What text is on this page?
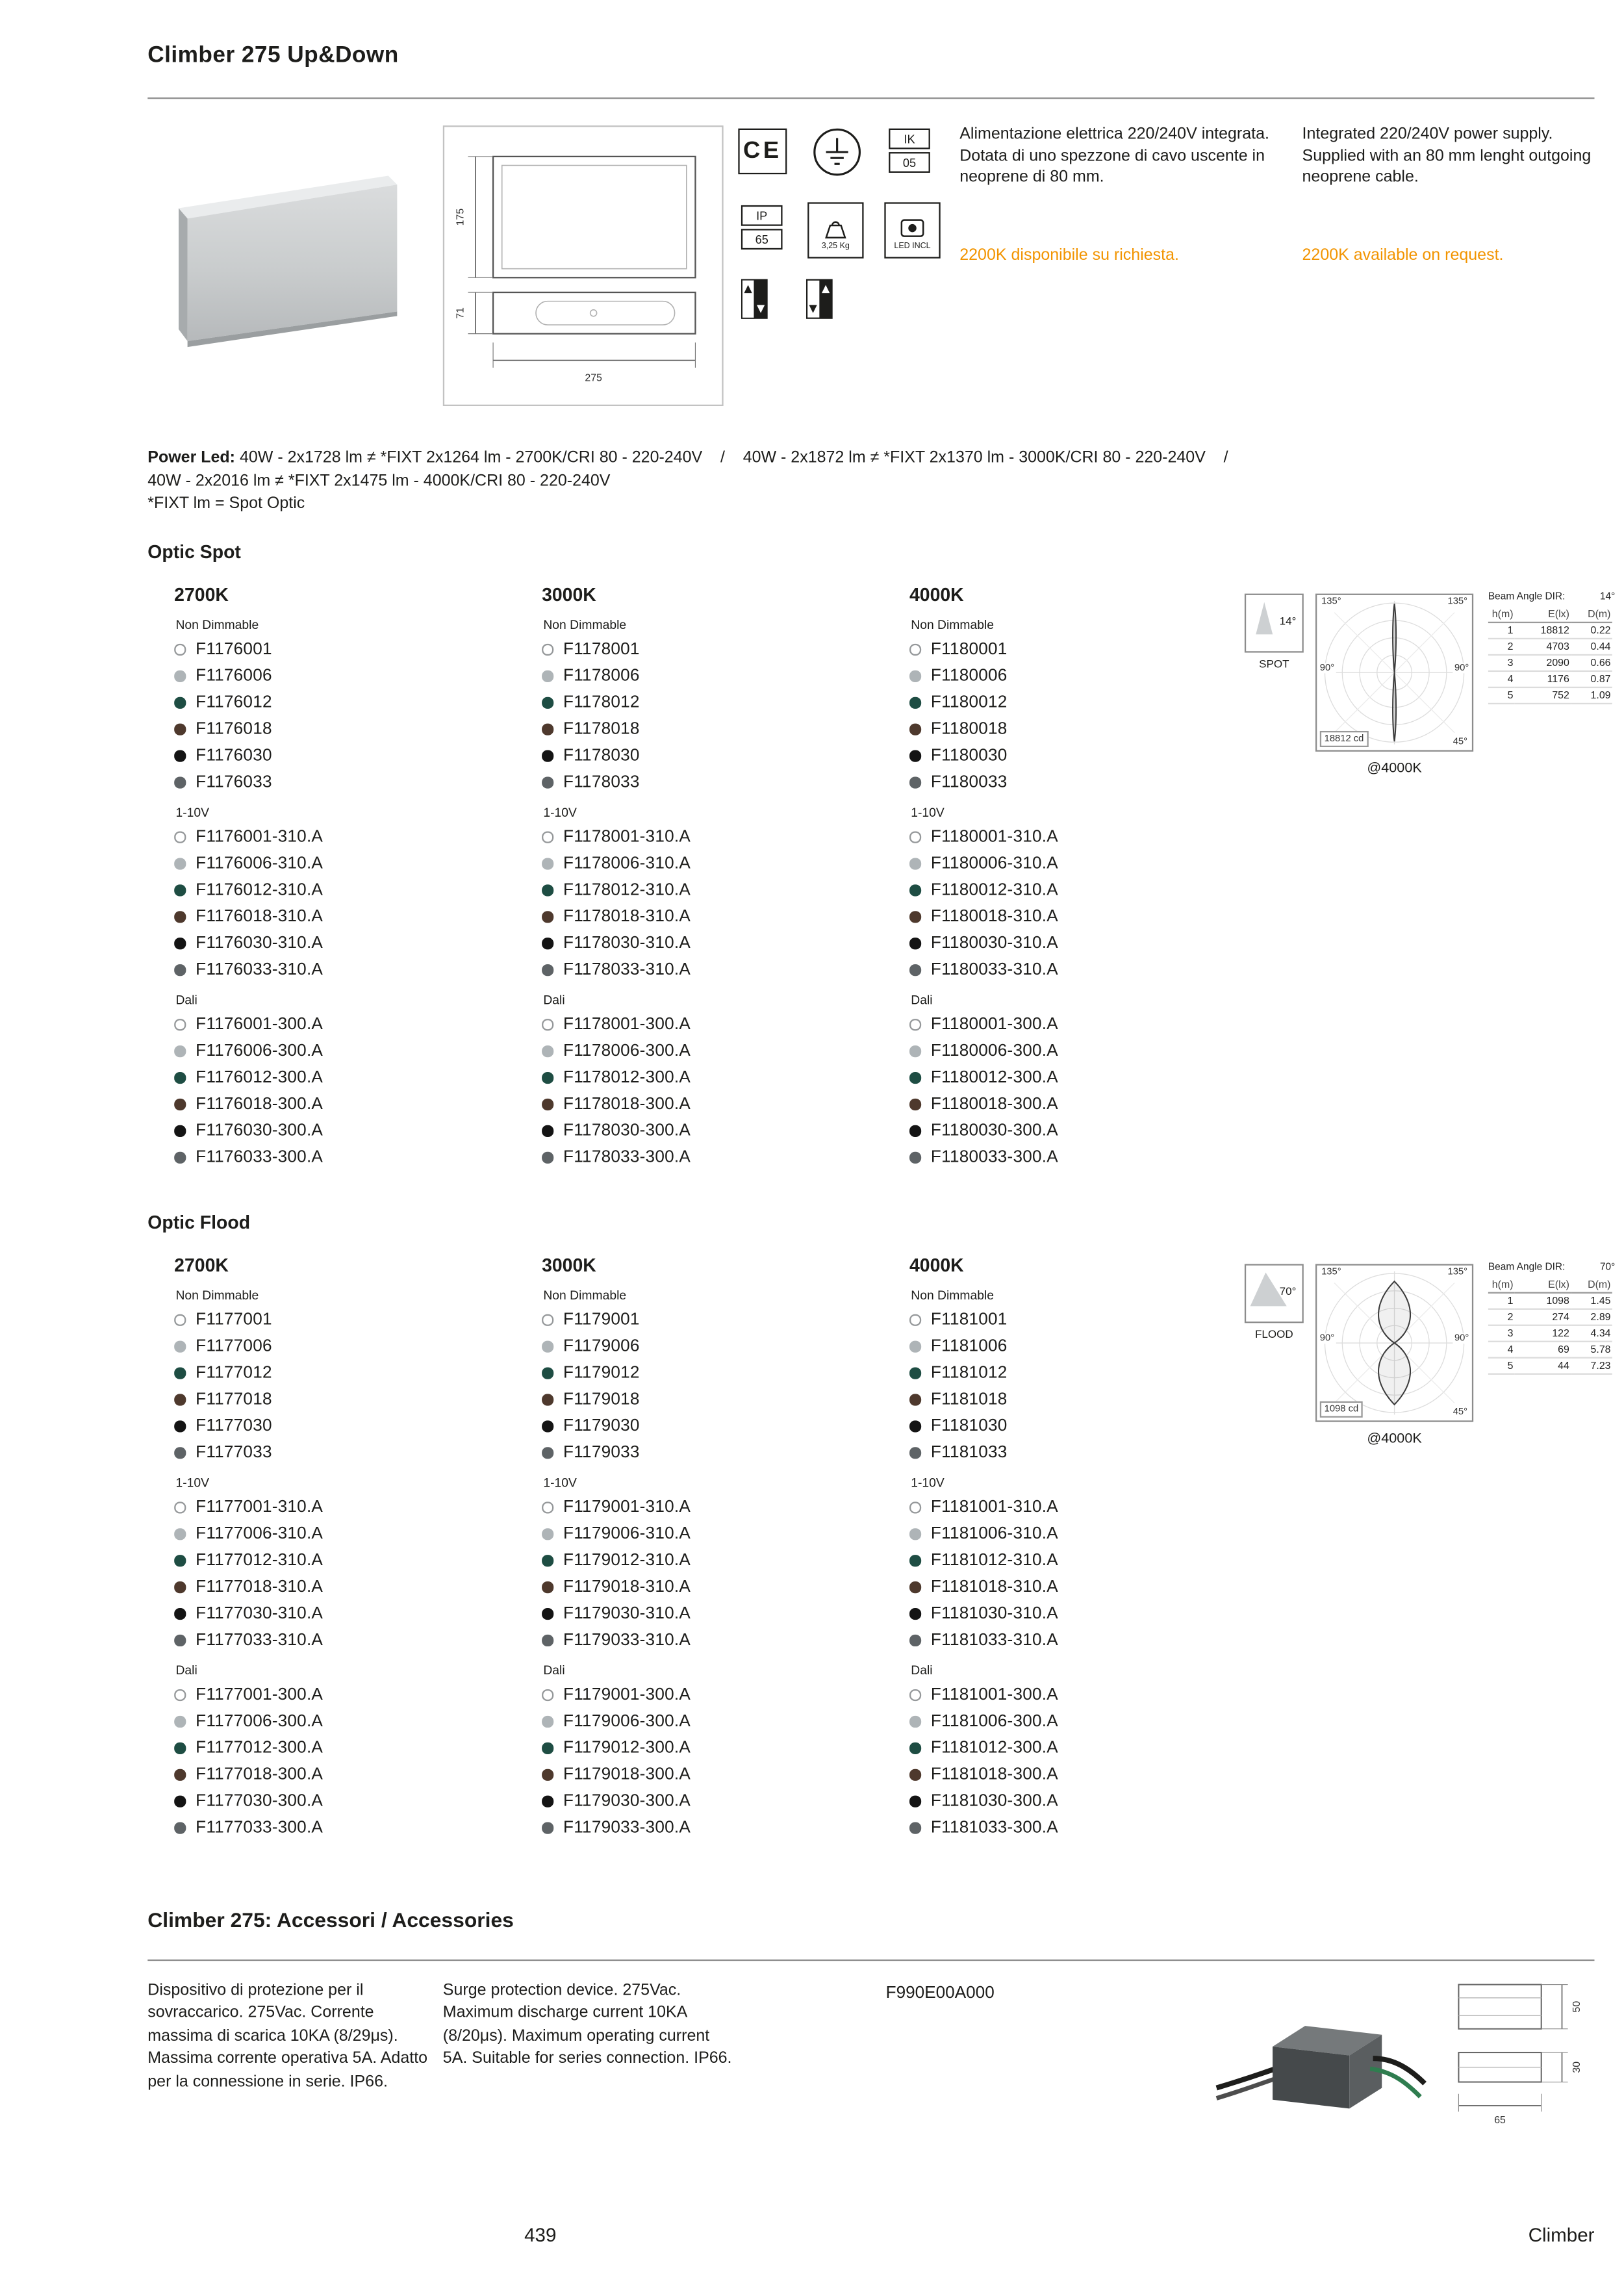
Climber 275 Up&Down
175
71
275
CE	IK
05
IP
65	3,25 Kg	LED INCL

Alimentazione elettrica 220/240V integrata. Dotata di uno spezzone di cavo uscente in neoprene di 80 mm.

2200K disponibile su richiesta.

Integrated 220/240V power supply. Supplied with an 80 mm lenght outgoing neoprene cable.

2200K available on request.

Power Led: 40W - 2x1728 lm ≠ *FIXT 2x1264 lm - 2700K/CRI 80 - 220-240V    /    40W - 2x1872 lm ≠ *FIXT 2x1370 lm - 3000K/CRI 80 - 220-240V    /
40W - 2x2016 lm ≠ *FIXT 2x1475 lm - 4000K/CRI 80 - 220-240V
*FIXT lm = Spot Optic
Optic Spot
2700K
Non Dimmable
F1176001
F1176006
F1176012
F1176018
F1176030
F1176033
1-10V
F1176001-310.A
F1176006-310.A
F1176012-310.A
F1176018-310.A
F1176030-310.A
F1176033-310.A
Dali
F1176001-300.A
F1176006-300.A
F1176012-300.A
F1176018-300.A
F1176030-300.A
F1176033-300.A
3000K
Non Dimmable
F1178001
F1178006
F1178012
F1178018
F1178030
F1178033
1-10V
F1178001-310.A
F1178006-310.A
F1178012-310.A
F1178018-310.A
F1178030-310.A
F1178033-310.A
Dali
F1178001-300.A
F1178006-300.A
F1178012-300.A
F1178018-300.A
F1178030-300.A
F1178033-300.A
4000K
Non Dimmable
F1180001
F1180006
F1180012
F1180018
F1180030
F1180033
1-10V
F1180001-310.A
F1180006-310.A
F1180012-310.A
F1180018-310.A
F1180030-310.A
F1180033-310.A
Dali
F1180001-300.A
F1180006-300.A
F1180012-300.A
F1180018-300.A
F1180030-300.A
F1180033-300.A
14°
SPOT
135°	135°
90°	90°
18812 cd	45°
@4000K
Beam Angle DIR:	14°
h(m)	E(lx)	D(m)
1	18812	0.22
2	4703	0.44
3	2090	0.66
4	1176	0.87
5	752	1.09
Optic Flood
2700K
Non Dimmable
F1177001
F1177006
F1177012
F1177018
F1177030
F1177033
1-10V
F1177001-310.A
F1177006-310.A
F1177012-310.A
F1177018-310.A
F1177030-310.A
F1177033-310.A
Dali
F1177001-300.A
F1177006-300.A
F1177012-300.A
F1177018-300.A
F1177030-300.A
F1177033-300.A
3000K
Non Dimmable
F1179001
F1179006
F1179012
F1179018
F1179030
F1179033
1-10V
F1179001-310.A
F1179006-310.A
F1179012-310.A
F1179018-310.A
F1179030-310.A
F1179033-310.A
Dali
F1179001-300.A
F1179006-300.A
F1179012-300.A
F1179018-300.A
F1179030-300.A
F1179033-300.A
4000K
Non Dimmable
F1181001
F1181006
F1181012
F1181018
F1181030
F1181033
1-10V
F1181001-310.A
F1181006-310.A
F1181012-310.A
F1181018-310.A
F1181030-310.A
F1181033-310.A
Dali
F1181001-300.A
F1181006-300.A
F1181012-300.A
F1181018-300.A
F1181030-300.A
F1181033-300.A
70°
FLOOD
135°	135°
90°	90°
1098 cd	45°
@4000K
Beam Angle DIR:	70°
h(m)	E(lx)	D(m)
1	1098	1.45
2	274	2.89
3	122	4.34
4	69	5.78
5	44	7.23
Climber 275: Accessori / Accessories

Dispositivo di protezione per il sovraccarico. 275Vac. Corrente massima di scarica 10KA (8/29μs). Massima corrente operativa 5A. Adatto per la connessione in serie. IP66.

Surge protection device. 275Vac. Maximum discharge current 10KA (8/20μs). Maximum operating current 5A. Suitable for series connection. IP66.

F990E00A000
50
30
65
439	Climber
